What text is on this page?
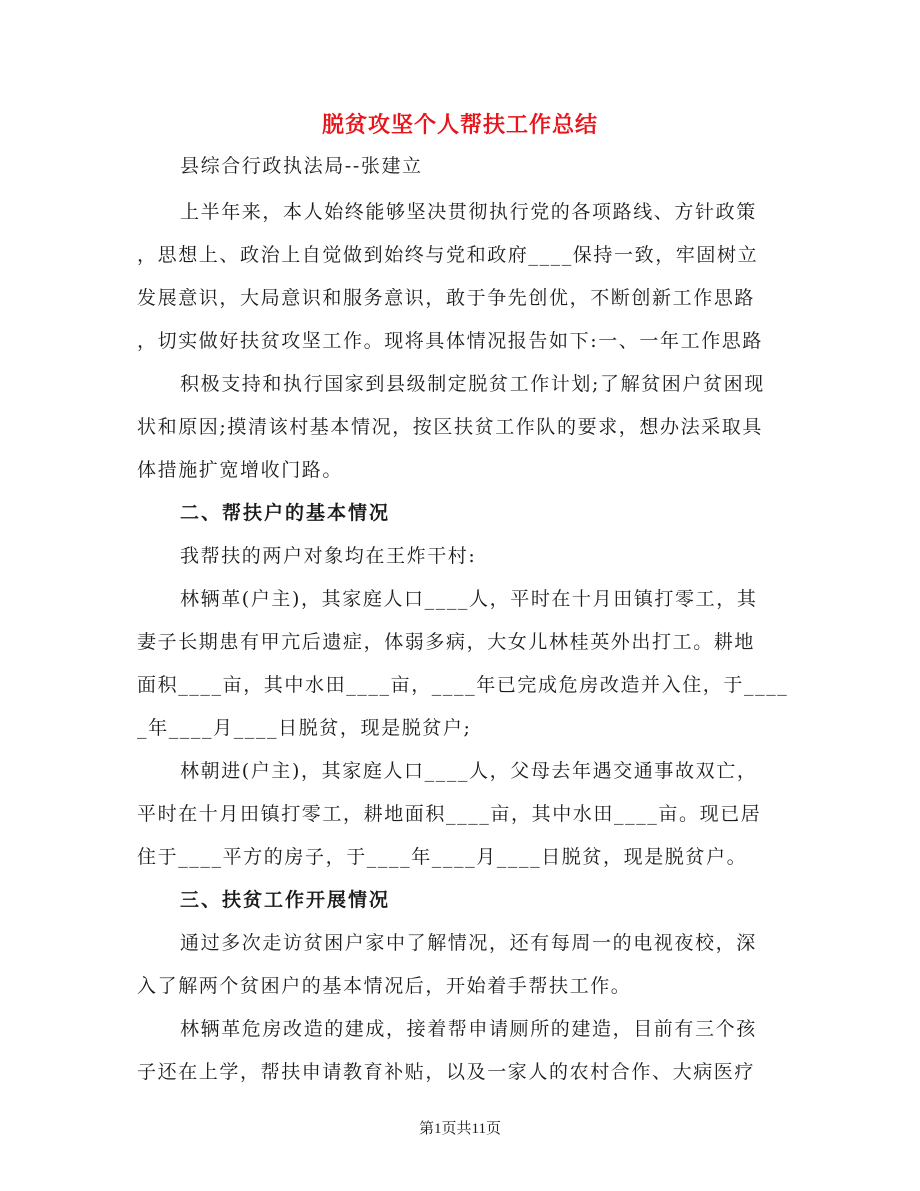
脱贫攻坚个人帮扶工作总结
县综合行政执法局--张建立
上半年来，本人始终能够坚决贯彻执行党的各项路线、方针政策
，思想上、政治上自觉做到始终与党和政府____保持一致，牢固树立
发展意识，大局意识和服务意识，敢于争先创优，不断创新工作思路
，切实做好扶贫攻坚工作。现将具体情况报告如下:一、一年工作思路
积极支持和执行国家到县级制定脱贫工作计划;了解贫困户贫困现
状和原因;摸清该村基本情况，按区扶贫工作队的要求，想办法采取具
体措施扩宽增收门路。
二、帮扶户的基本情况
我帮扶的两户对象均在王炸干村:
林辆革(户主)，其家庭人口____人，平时在十月田镇打零工，其
妻子长期患有甲亢后遗症，体弱多病，大女儿林桂英外出打工。耕地
面积____亩，其中水田____亩，____年已完成危房改造并入住，于____
_年____月____日脱贫，现是脱贫户;
林朝进(户主)，其家庭人口____人，父母去年遇交通事故双亡，
平时在十月田镇打零工，耕地面积____亩，其中水田____亩。现已居
住于____平方的房子，于____年____月____日脱贫，现是脱贫户。
三、扶贫工作开展情况
通过多次走访贫困户家中了解情况，还有每周一的电视夜校，深
入了解两个贫困户的基本情况后，开始着手帮扶工作。
林辆革危房改造的建成，接着帮申请厕所的建造，目前有三个孩
子还在上学，帮扶申请教育补贴，以及一家人的农村合作、大病医疗
第1页共11页
